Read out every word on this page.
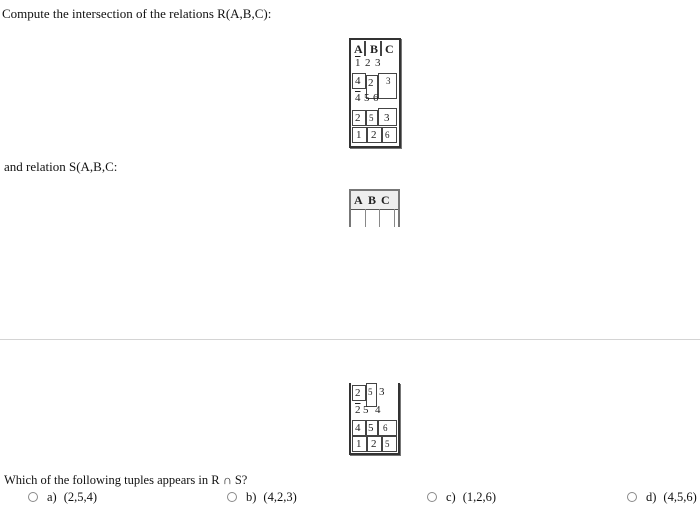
Compute the intersection of the relations R(A,B,C):
A B C
1 2 3
4 2 3
4 5 6
2 5 3
1 2 6
and relation S(A,B,C:
A B C
2 5 3
2 5 4
4 5 6
1 2 5
Which of the following tuples appears in R ∩ S?
a) (2,5,4)	b) (4,2,3)	c) (1,2,6)	d) (4,5,6)
